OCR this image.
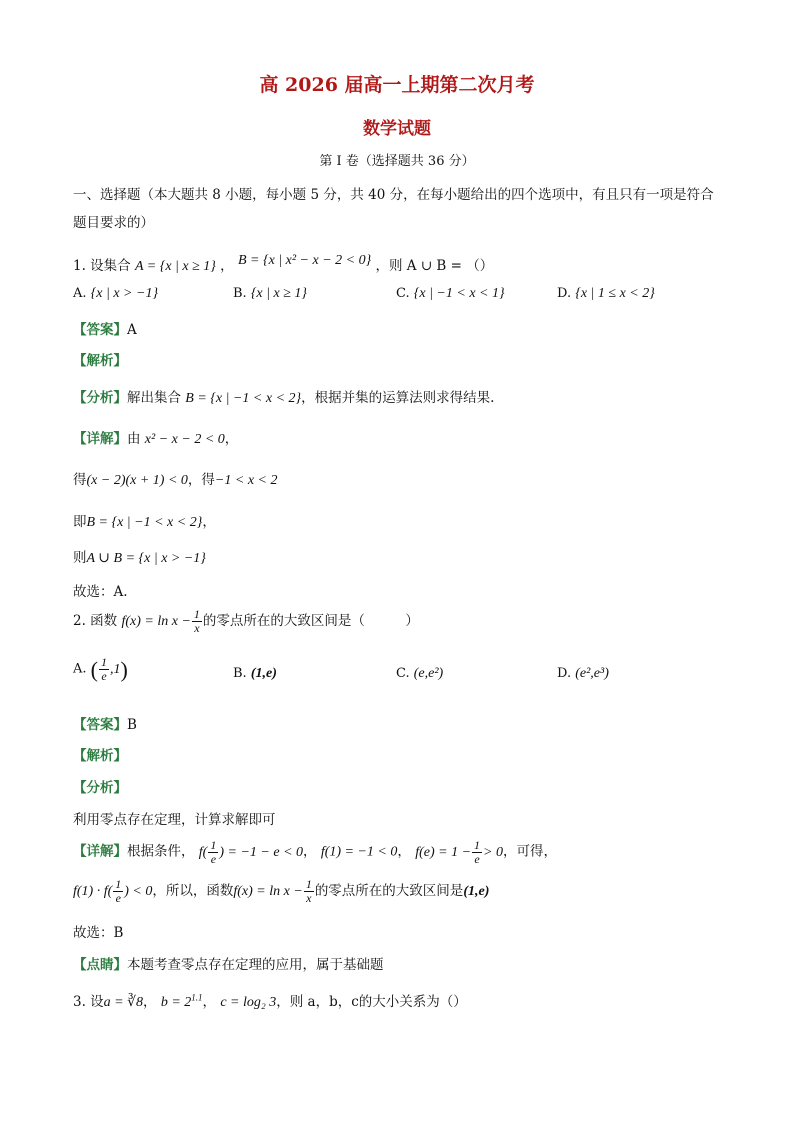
高 2026 届高一上期第二次月考
数学试题
第 I 卷（选择题共 36 分）
一、选择题（本大题共 8 小题，每小题 5 分，共 40 分，在每小题给出的四个选项中，有且只有一项是符合
题目要求的）
1. 设集合 A = {x | x ≥ 1} ， B = {x | x² − x − 2 < 0} ，则 A ∪ B = （）
A. {x | x > −1}	B. {x | x ≥ 1}	C. {x | −1 < x < 1}	D. {x | 1 ≤ x < 2}
【答案】A
【解析】
【分析】解出集合 B = {x | −1 < x < 2}，根据并集的运算法则求得结果.
【详解】由 x² − x − 2 < 0，
得(x − 2)(x + 1) < 0，得−1 < x < 2
即B = {x | −1 < x < 2}，
则A ∪ B = {x | x > −1}
故选：A.
2. 函数 $f(x) = \ln x - \frac{1}{x}$ 的零点所在的大致区间是（　　　）
A. ( $\frac{1}{e} ,1$)	B. (1,e)	C. (e,e²)	D. (e²,e³)
【答案】B
【解析】
【分析】
利用零点存在定理，计算求解即可
【详解】根据条件， $f( \frac{1}{e}$ ) = −1 − e < 0， f(1) = −1 < 0， $f(e) = 1 - \frac{1}{e} > 0$，可得，
$f(1) \cdot f( \frac{1}{e}$ ) < 0，所以，函数$f(x) = \ln x - \frac{1}{x}$ 的零点所在的大致区间是(1,e)
故选：B
【点睛】本题考查零点存在定理的应用，属于基础题
3. 设a = ∛8， $b = 2^{1.1}$， c = log₂ 3，则 a，b，c的大小关系为（）
